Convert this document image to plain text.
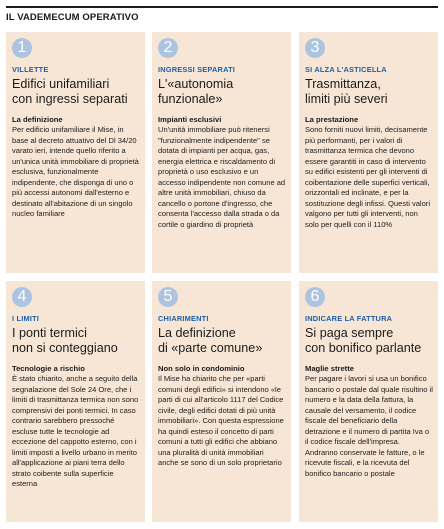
IL VADEMECUM OPERATIVO
1
VILLETTE
Edifici unifamiliari
con ingressi separati
La definizione
Per edificio unifamiliare il Mise, in base al decreto attuativo del Dl 34/20 varato ieri, intende quello riferito a un'unica unità immobiliare di proprietà esclusiva, funzionalmente indipendente, che disponga di uno o più accessi autonomi dall'esterno e destinato all'abitazione di un singolo nucleo familiare
2
INGRESSI SEPARATI
L'«autonomia
funzionale»
Impianti esclusivi
Un'unità immobiliare può ritenersi "funzionalmente indipendente" se dotata di impianti per acqua, gas, energia elettrica e riscaldamento di proprietà o uso esclusivo e un accesso indipendente non comune ad altre unità immobiliari, chiuso da cancello o portone d'ingresso, che consenta l'accesso dalla strada o da cortile o giardino di proprietà
3
SI ALZA L'ASTICELLA
Trasmittanza,
limiti più severi
La prestazione
Sono forniti nuovi limiti, decisamente più performanti, per i valori di trasmittanza termica che devono essere garantiti in caso di intervento su edifici esistenti per gli interventi di coibentazione delle superfici verticali, orizzontali ed inclinate, e per la sostituzione degli infissi. Questi valori valgono per tutti gli interventi, non solo per quelli con il 110%
4
I LIMITI
I ponti termici
non si conteggiano
Tecnologie a rischio
È stato chiarito, anche a seguito della segnalazione del Sole 24 Ore, che i limiti di trasmittanza termica non sono comprensivi dei ponti termici. In caso contrario sarebbero pressoché escluse tutte le tecnologie ad eccezione del cappotto esterno, con i limiti imposti a livello urbano in merito all'applicazione ai piani terra dello strato coibente sulla superficie esterna
5
CHIARIMENTI
La definizione
di «parte comune»
Non solo in condominio
Il Mise ha chiarito che per «parti comuni degli edifici» si intendono «le parti di cui all'articolo 1117 del Codice civile, degli edifici dotati di più unità immobiliari». Con questa espressione ha quindi esteso il concetto di parti comuni a tutti gli edifici che abbiano una pluralità di unità immobiliari anche se sono di un solo proprietario
6
INDICARE LA FATTURA
Si paga sempre
con bonifico parlante
Maglie strette
Per pagare i lavori si usa un bonifico bancario o postale dal quale risultino il numero e la data della fattura, la causale del versamento, il codice fiscale del beneficiario della detrazione e il numero di partita Iva o il codice fiscale dell'impresa. Andranno conservate le fatture, o le ricevute fiscali, e la ricevuta del bonifico bancario o postale
